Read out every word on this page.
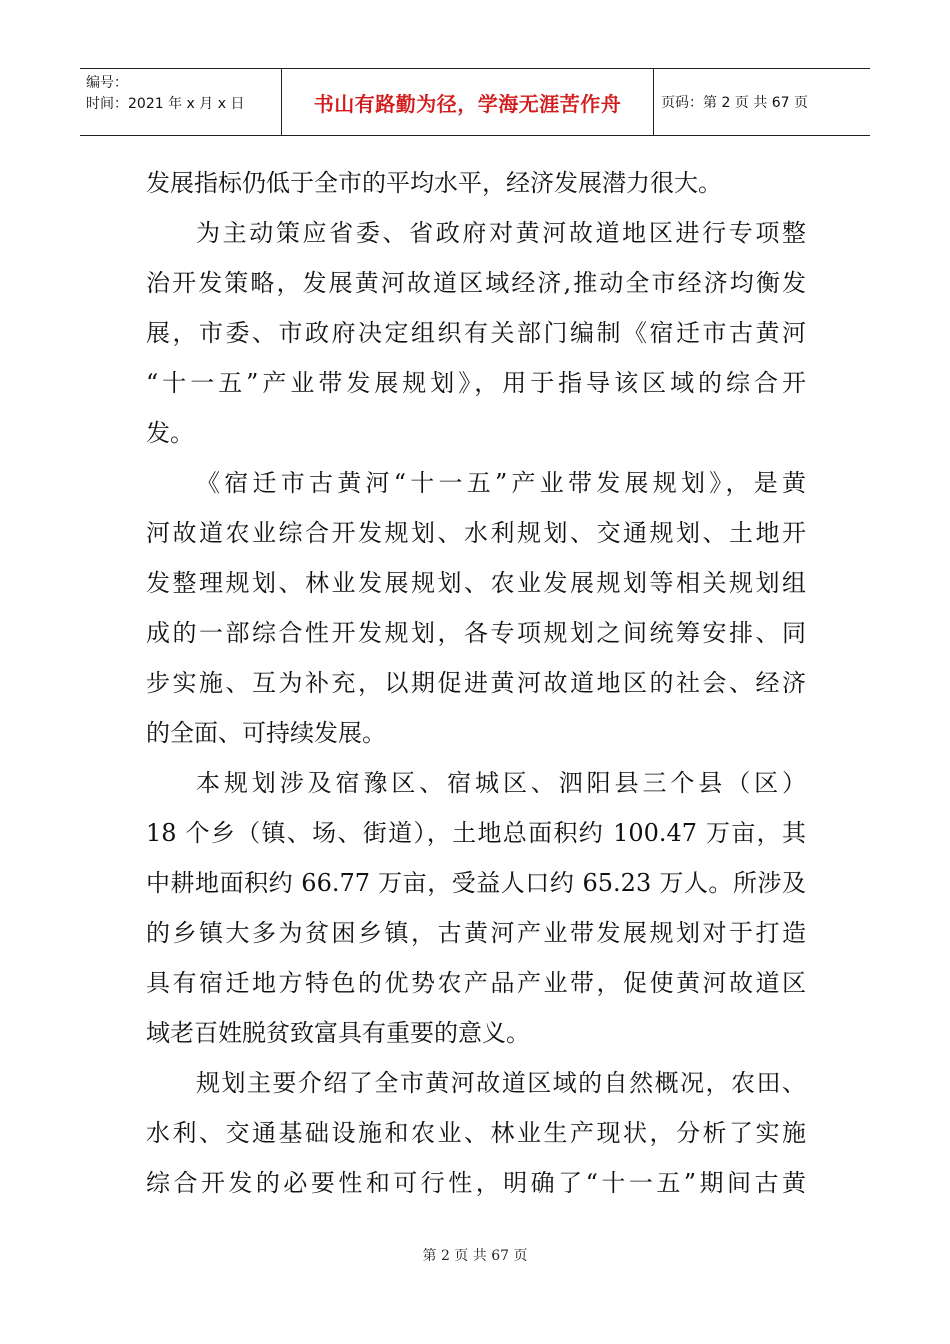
编号：
时间：2021 年 x 月 x 日	书山有路勤为径，学海无涯苦作舟	页码：第 2 页 共 67 页
发展指标仍低于全市的平均水平，经济发展潜力很大。
为主动策应省委、省政府对黄河故道地区进行专项整
治开发策略，发展黄河故道区域经济,推动全市经济均衡发
展，市委、市政府决定组织有关部门编制《宿迁市古黄河
“十一五”产业带发展规划》，用于指导该区域的综合开
发。
《宿迁市古黄河“十一五”产业带发展规划》，是黄
河故道农业综合开发规划、水利规划、交通规划、土地开
发整理规划、林业发展规划、农业发展规划等相关规划组
成的一部综合性开发规划，各专项规划之间统筹安排、同
步实施、互为补充，以期促进黄河故道地区的社会、经济
的全面、可持续发展。
本规划涉及宿豫区、宿城区、泗阳县三个县（区）
18 个乡（镇、场、街道），土地总面积约 100.47 万亩，其
中耕地面积约 66.77 万亩，受益人口约 65.23 万人。所涉及
的乡镇大多为贫困乡镇，古黄河产业带发展规划对于打造
具有宿迁地方特色的优势农产品产业带，促使黄河故道区
域老百姓脱贫致富具有重要的意义。
规划主要介绍了全市黄河故道区域的自然概况，农田、
水利、交通基础设施和农业、林业生产现状，分析了实施
综合开发的必要性和可行性，明确了“十一五”期间古黄
第 2 页 共 67 页
